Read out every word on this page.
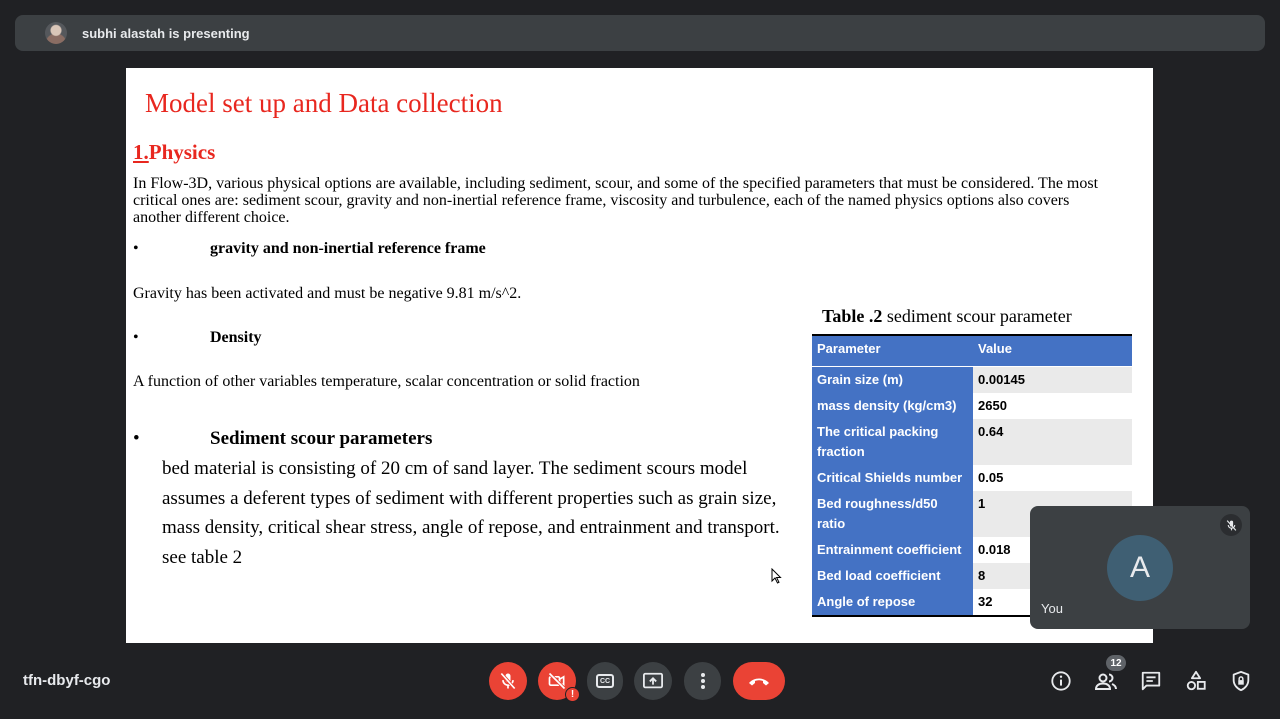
subhi alastah is presenting
Model set up and Data collection
1.Physics
In Flow-3D, various physical options are available, including sediment, scour, and some of the specified parameters that must be considered. The most critical ones are: sediment scour, gravity and non-inertial reference frame, viscosity and turbulence, each of the named physics options also covers another different choice.
•	gravity and non-inertial reference frame
Gravity has been activated and must be negative 9.81 m/s^2.
•	Density
A function of other variables temperature, scalar concentration or solid fraction
•	Sediment scour parameters
bed material is consisting of 20 cm of sand layer. The sediment scours model assumes a deferent types of sediment with different properties such as grain size, mass density, critical shear stress, angle of repose, and entrainment and transport. see table 2
Table .2 sediment scour parameter
Parameter	Value
Grain size (m)	0.00145
mass density (kg/cm3)	2650
The critical packing fraction	0.64
Critical Shields number	0.05
Bed roughness/d50 ratio	1
Entrainment coefficient	0.018
Bed load coefficient	8
Angle of repose	32
A
You
tfn-dbyf-cgo
!
CC
12
